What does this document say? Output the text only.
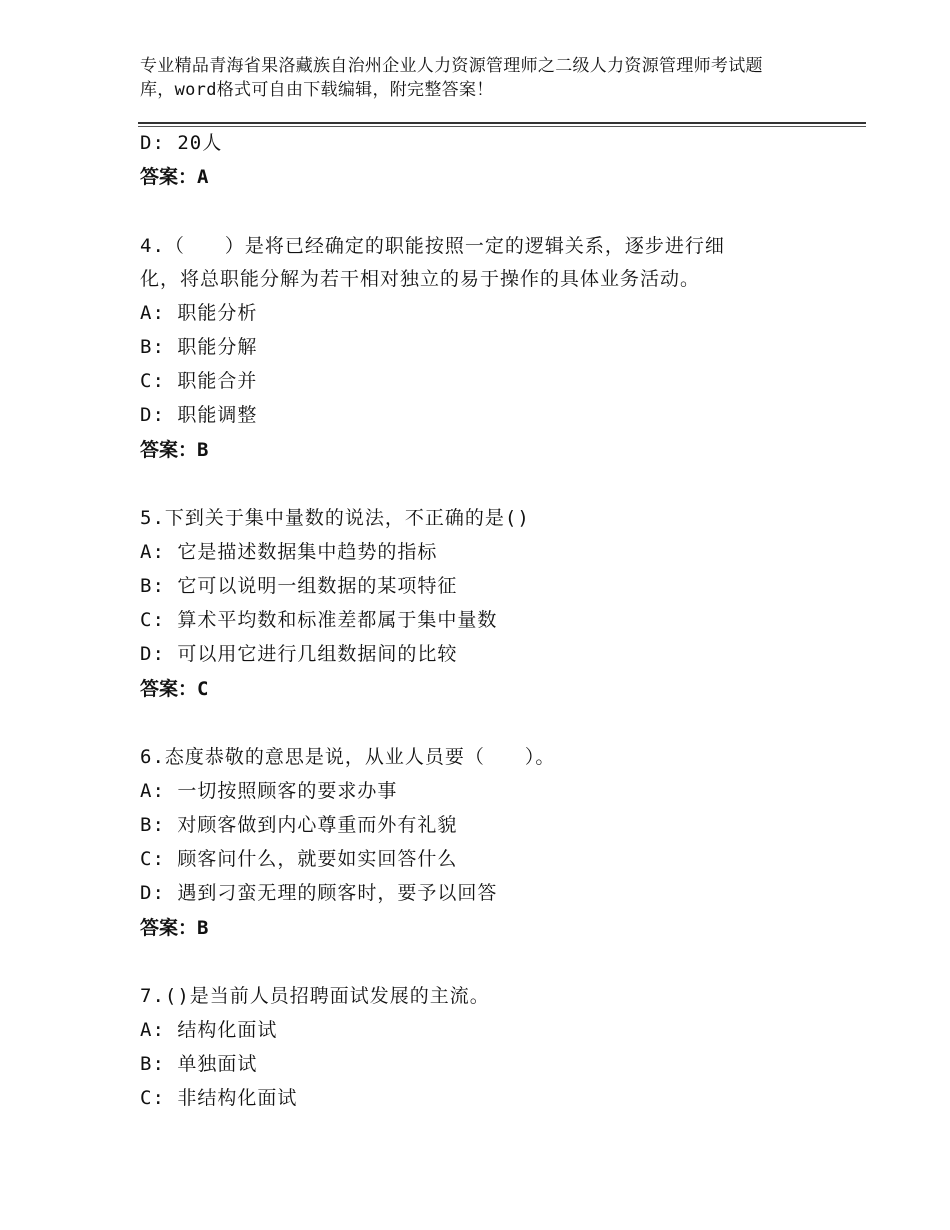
专业精品青海省果洛藏族自治州企业人力资源管理师之二级人力资源管理师考试题
库，word格式可自由下载编辑，附完整答案！
D: 20人
答案：A
4.（　　）是将已经确定的职能按照一定的逻辑关系，逐步进行细
化，将总职能分解为若干相对独立的易于操作的具体业务活动。
A: 职能分析
B: 职能分解
C: 职能合并
D: 职能调整
答案：B
5.下到关于集中量数的说法，不正确的是()
A: 它是描述数据集中趋势的指标
B: 它可以说明一组数据的某项特征
C: 算术平均数和标准差都属于集中量数
D: 可以用它进行几组数据间的比较
答案：C
6.态度恭敬的意思是说，从业人员要（　　）。
A: 一切按照顾客的要求办事
B: 对顾客做到内心尊重而外有礼貌
C: 顾客问什么，就要如实回答什么
D: 遇到刁蛮无理的顾客时，要予以回答
答案：B
7.()是当前人员招聘面试发展的主流。
A: 结构化面试
B: 单独面试
C: 非结构化面试
